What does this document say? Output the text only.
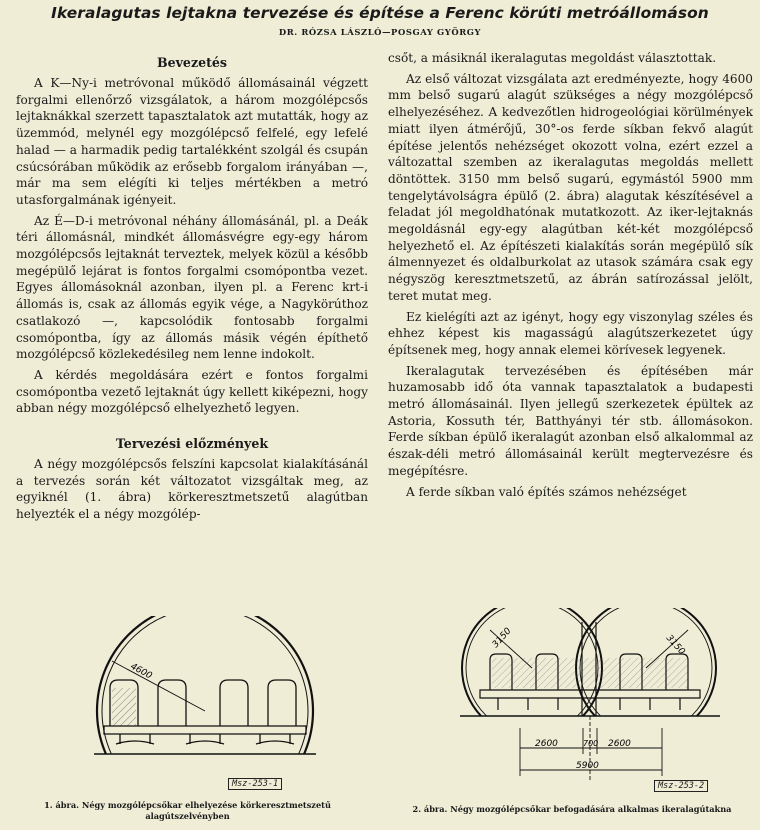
Ikeralagutas lejtakna tervezése és építése a Ferenc körúti metróállomáson
DR. RÓZSA LÁSZLÓ—POSGAY GYÖRGY
Bevezetés

A K—Ny-i metróvonal működő állomásainál végzett forgalmi ellenőrző vizsgálatok, a három mozgólépcsős lejtaknákkal szerzett tapasztalatok azt mutatták, hogy az üzemmód, melynél egy mozgólépcső felfelé, egy lefelé halad — a harmadik pedig tartalékként szolgál és csupán csúcsórában működik az erősebb forgalom irányában —, már ma sem elégíti ki teljes mértékben a metró utasforgalmának igényeit.

Az É—D-i metróvonal néhány állomásánál, pl. a Deák téri állomásnál, mindkét állomásvégre egy-egy három mozgólépcsős lejtaknát terveztek, melyek közül a később megépülő lejárat is fontos forgalmi csomópontba vezet. Egyes állomásoknál azonban, ilyen pl. a Ferenc krt-i állomás is, csak az állomás egyik vége, a Nagykörúthoz csatlakozó —, kapcsolódik fontosabb forgalmi csomópontba, így az állomás másik végén építhető mozgólépcső közlekedésileg nem lenne indokolt.

A kérdés megoldására ezért e fontos forgalmi csomópontba vezető lejtaknát úgy kellett kiképezni, hogy abban négy mozgólépcső elhelyezhető legyen.

Tervezési előzmények

A négy mozgólépcsős felszíni kapcsolat kialakításánál a tervezés során két változatot vizsgáltak meg, az egyiknél (1. ábra) körkeresztmetszetű alagútban helyezték el a négy mozgólép-

csőt, a másiknál ikeralagutas megoldást választottak.

Az első változat vizsgálata azt eredményezte, hogy 4600 mm belső sugarú alagút szükséges a négy mozgólépcső elhelyezéséhez. A kedvezőtlen hidrogeológiai körülmények miatt ilyen átmérőjű, 30°-os ferde síkban fekvő alagút építése jelentős nehézséget okozott volna, ezért ezzel a változattal szemben az ikeralagutas megoldás mellett döntöttek. 3150 mm belső sugarú, egymástól 5900 mm tengelytávolságra épülő (2. ábra) alagutak készítésével a feladat jól megoldhatónak mutatkozott. Az iker-lejtaknás megoldásnál egy-egy alagútban két-két mozgólépcső helyezhető el. Az építészeti kialakítás során megépülő sík álmennyezet és oldalburkolat az utasok számára csak egy négyszög keresztmetszetű, az ábrán satírozással jelölt, teret mutat meg.

Ez kielégíti azt az igényt, hogy egy viszonylag széles és ehhez képest kis magasságú alagútszerkezetet úgy építsenek meg, hogy annak elemei körívesek legyenek.

Ikeralagutak tervezésében és építésében már huzamosabb idő óta vannak tapasztalatok a budapesti metró állomásainál. Ilyen jellegű szerkezetek épültek az Astoria, Kossuth tér, Batthyányi tér stb. állomásokon. Ferde síkban épülő ikeralagút azonban első alkalommal az észak-déli metró állomásainál került megtervezésre és megépítésre.

A ferde síkban való építés számos nehézséget

4600
Msz-253-1
1. ábra. Négy mozgólépcsőkar elhelyezése körkeresztmetszetű alagútszelvényben
3150	3150
2600	700 2600
5900
Msz-253-2
2. ábra. Négy mozgólépcsőkar befogadására alkalmas ikeralagútakna
